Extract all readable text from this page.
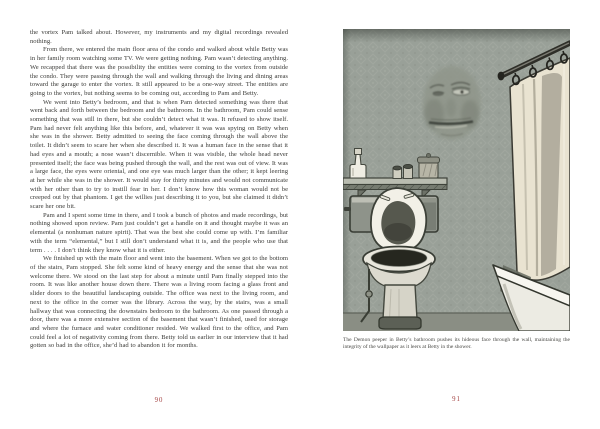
the vortex Pam talked about. However, my instruments and my digital recordings revealed nothing.

From there, we entered the main floor area of the condo and walked about while Betty was in her family room watching some TV. We were getting nothing. Pam wasn’t detecting anything. We recapped that there was the possibility the entities were coming to the vortex from outside the condo. They were passing through the wall and walking through the living and dining areas toward the garage to enter the vortex. It still appeared to be a one-way street. The entities are going to the vortex, but nothing seems to be coming out, according to Pam and Betty.

We went into Betty’s bedroom, and that is when Pam detected something was there that went back and forth between the bedroom and the bathroom. In the bathroom, Pam could sense something that was still in there, but she couldn’t detect what it was. It refused to show itself. Pam had never felt anything like this before, and, whatever it was was spying on Betty when she was in the shower. Betty admitted to seeing the face coming through the wall above the toilet. It didn’t seem to scare her when she described it. It was a human face in the sense that it had eyes and a mouth; a nose wasn’t discernible. When it was visible, the whole head never presented itself; the face was being pushed through the wall, and the rest was out of view. It was a large face, the eyes were oriental, and one eye was much larger than the other; it kept leering at her while she was in the shower. It would stay for thirty minutes and would not communicate with her other than to try to instill fear in her. I don’t know how this woman would not be creeped out by that phantom. I get the willies just describing it to you, but she claimed it didn’t scare her one bit.

Pam and I spent some time in there, and I took a bunch of photos and made recordings, but nothing showed upon review. Pam just couldn’t get a handle on it and thought maybe it was an elemental (a nonhuman nature spirit). That was the best she could come up with. I’m familiar with the term “elemental,” but I still don’t understand what it is, and the people who use that term . . . . I don’t think they know what it is either.

We finished up with the main floor and went into the basement. When we got to the bottom of the stairs, Pam stopped. She felt some kind of heavy energy and the sense that she was not welcome there. We stood on the last step for about a minute until Pam finally stepped into the room. It was like another house down there. There was a living room facing a glass front and slider doors to the beautiful landscaping outside. The office was next to the living room, and next to the office in the corner was the library. Across the way, by the stairs, was a small hallway that was connecting the downstairs bedroom to the bathroom. As one passed through a door, there was a more extensive section of the basement that wasn’t finished, used for storage and where the furnace and water conditioner resided. We walked first to the office, and Pam could feel a lot of negativity coming from there. Betty told us earlier in our interview that it had gotten so bad in the office, she’d had to abandon it for months.

90
The Demon peeper in Betty’s bathroom pushes its hideous face through the wall, maintaining the integrity of the wallpaper as it leers at Betty in the shower.
91
